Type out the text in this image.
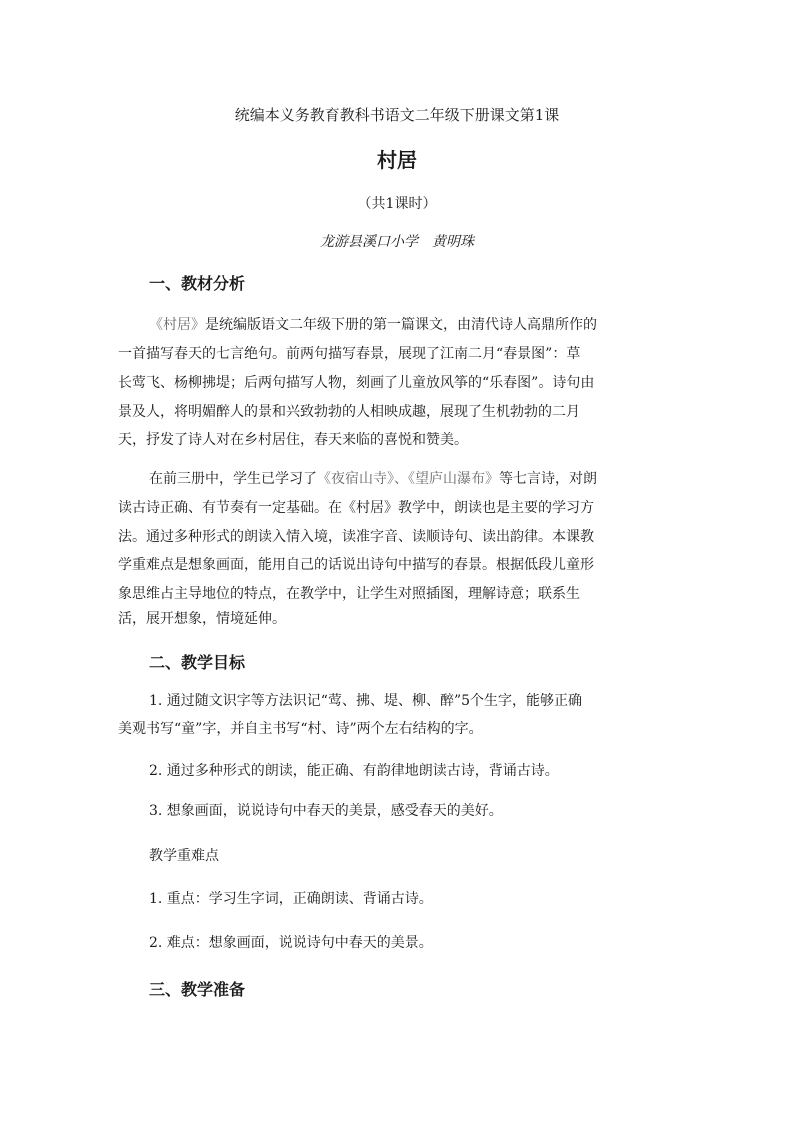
统编本义务教育教科书语文二年级下册课文第1课

村居

（共1课时）

龙游县溪口小学　黄明珠

一、教材分析

《村居》是统编版语文二年级下册的第一篇课文，由清代诗人高鼎所作的

一首描写春天的七言绝句。前两句描写春景，展现了江南二月“春景图”：草

长莺飞、杨柳拂堤；后两句描写人物，刻画了儿童放风筝的“乐春图”。诗句由

景及人，将明媚醉人的景和兴致勃勃的人相映成趣，展现了生机勃勃的二月

天，抒发了诗人对在乡村居住，春天来临的喜悦和赞美。

在前三册中，学生已学习了《夜宿山寺》、《望庐山瀑布》等七言诗，对朗

读古诗正确、有节奏有一定基础。在《村居》教学中，朗读也是主要的学习方

法。通过多种形式的朗读入情入境，读准字音、读顺诗句、读出韵律。本课教

学重难点是想象画面，能用自己的话说出诗句中描写的春景。根据低段儿童形

象思维占主导地位的特点，在教学中，让学生对照插图，理解诗意；联系生

活，展开想象，情境延伸。

二、教学目标

1. 通过随文识字等方法识记“莺、拂、堤、柳、醉”5个生字，能够正确

美观书写“童”字，并自主书写“村、诗”两个左右结构的字。

2. 通过多种形式的朗读，能正确、有韵律地朗读古诗，背诵古诗。

3. 想象画面，说说诗句中春天的美景，感受春天的美好。

教学重难点

1. 重点：学习生字词，正确朗读、背诵古诗。

2. 难点：想象画面，说说诗句中春天的美景。

三、教学准备
